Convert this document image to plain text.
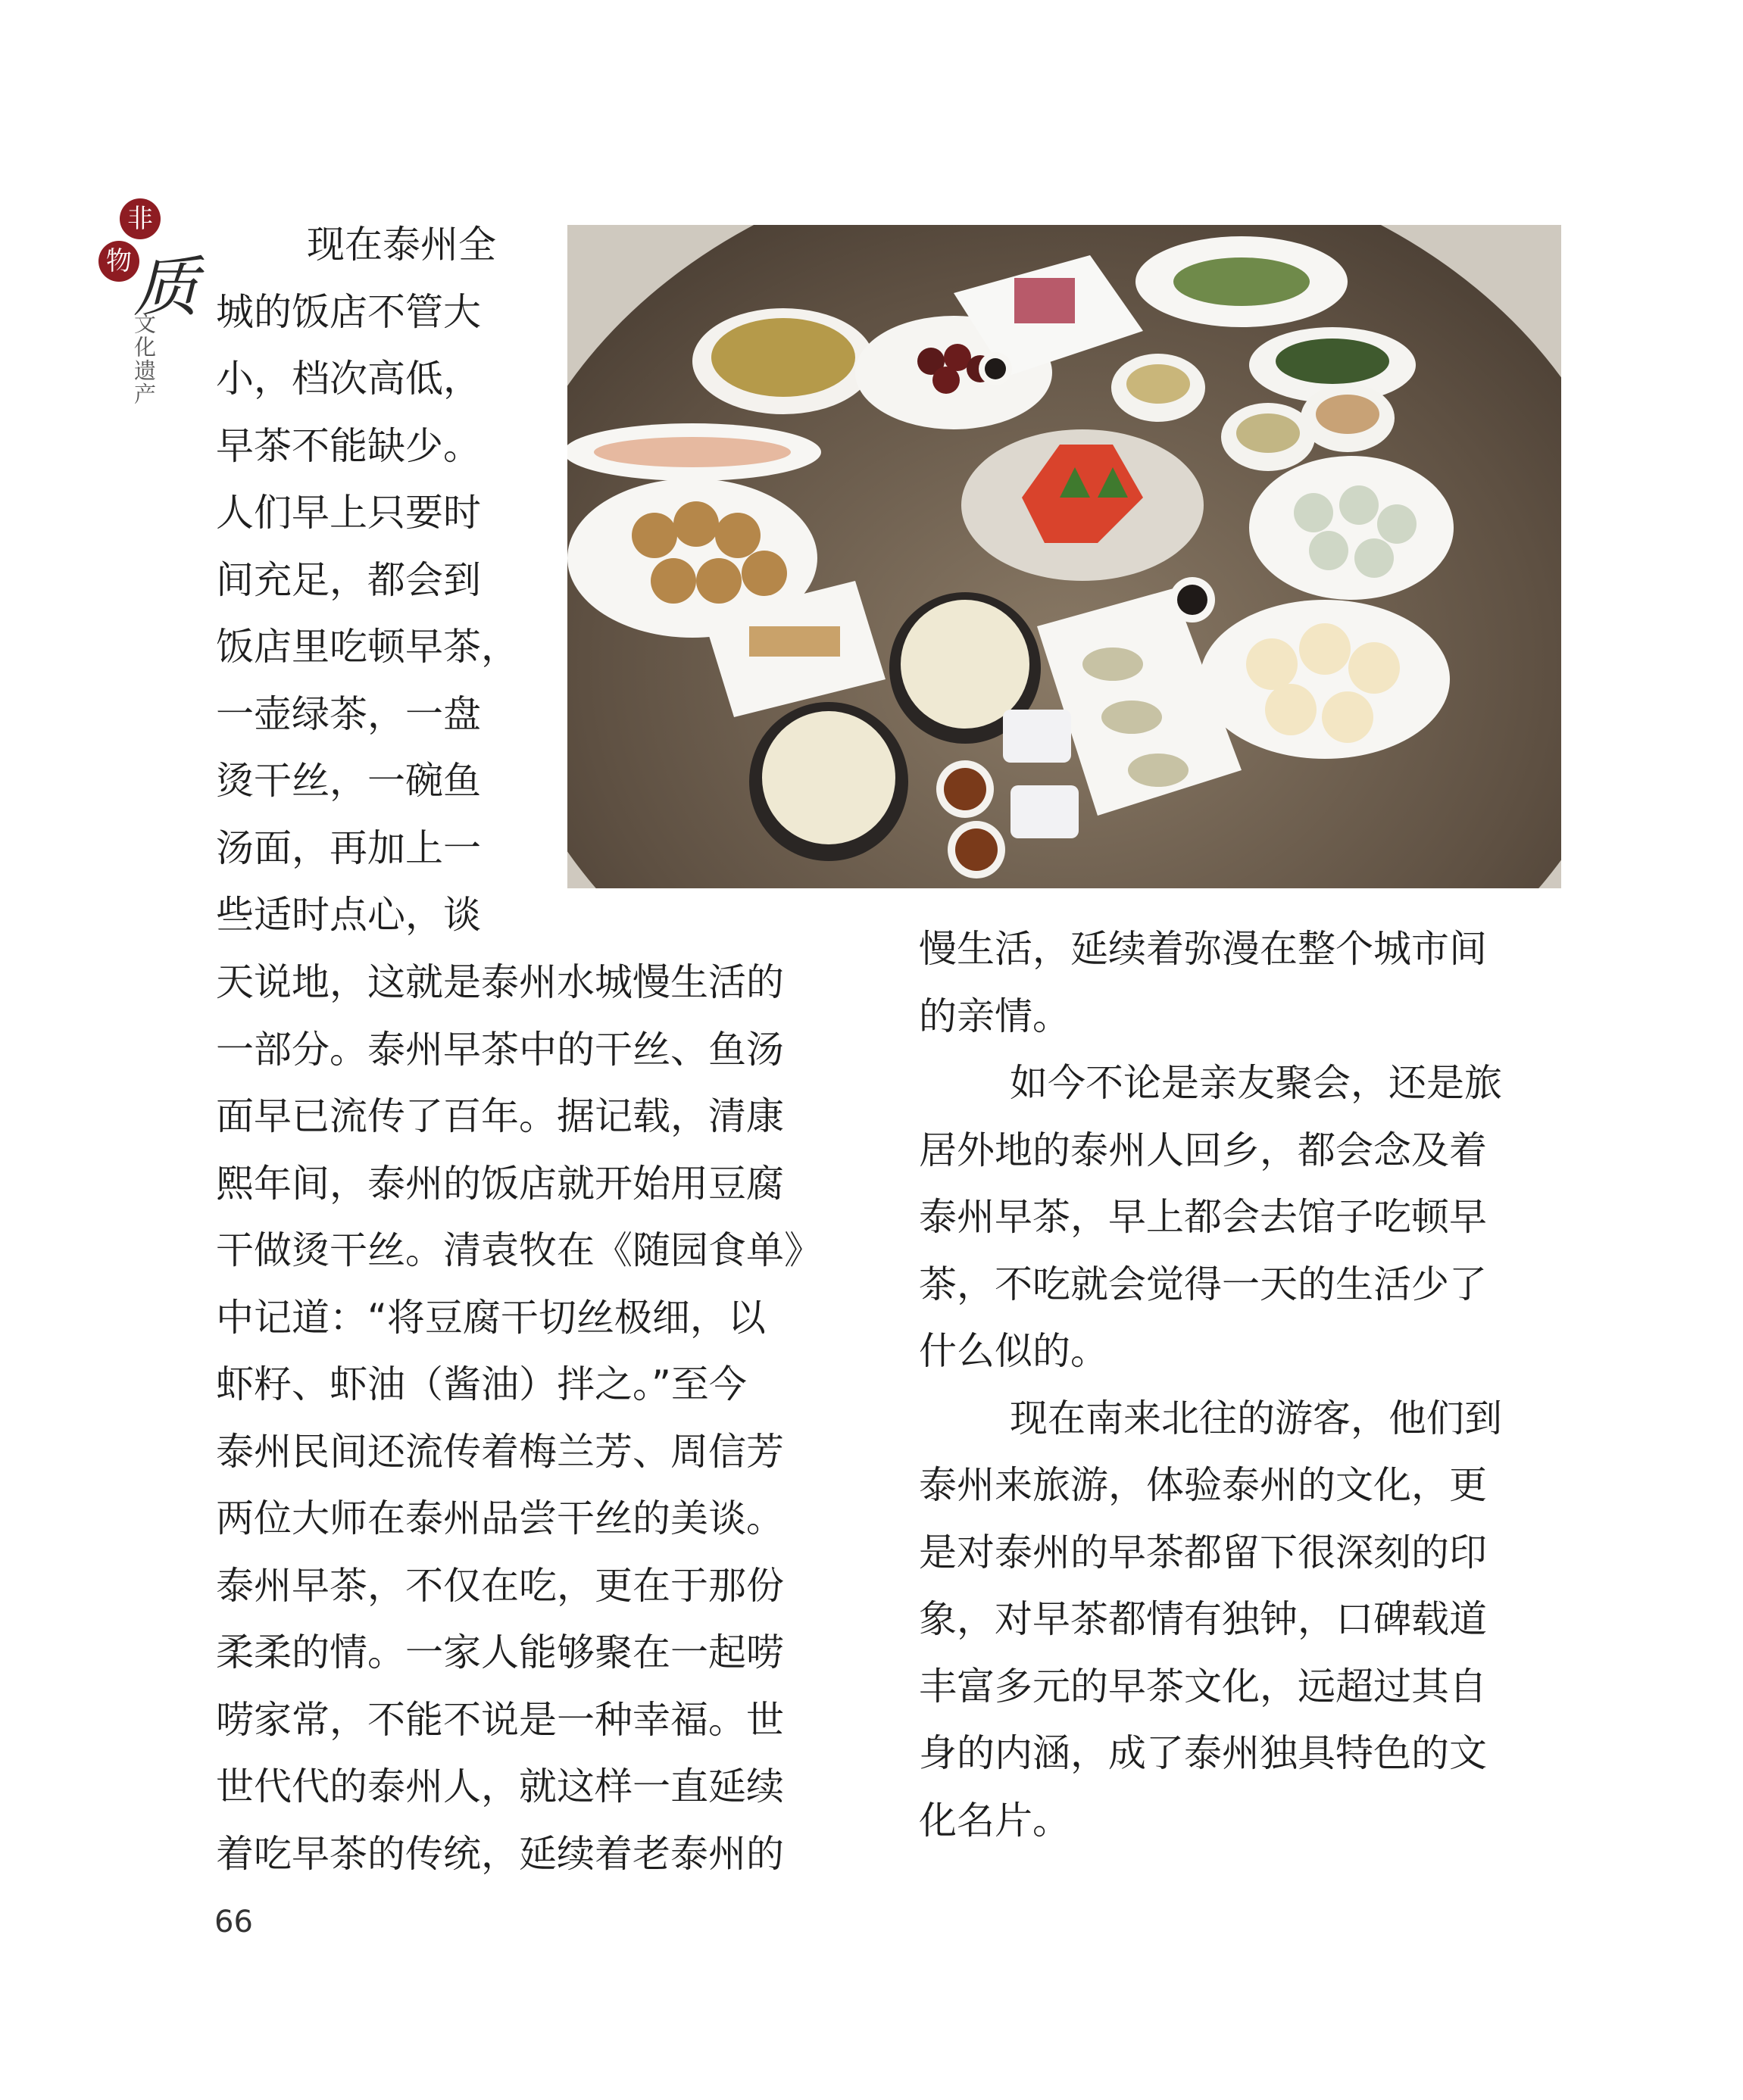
非
物 质
文化遗产
现在泰州全
城的饭店不管大
小，档次高低，
早茶不能缺少。
人们早上只要时
间充足，都会到
饭店里吃顿早茶，
一壶绿茶，一盘
烫干丝，一碗鱼
汤面，再加上一
些适时点心，谈
天说地，这就是泰州水城慢生活的
一部分。泰州早茶中的干丝、鱼汤
面早已流传了百年。据记载，清康
熙年间，泰州的饭店就开始用豆腐
干做烫干丝。清袁牧在《随园食单》
中记道：“将豆腐干切丝极细，以
虾籽、虾油（酱油）拌之。”至今
泰州民间还流传着梅兰芳、周信芳
两位大师在泰州品尝干丝的美谈。
泰州早茶，不仅在吃，更在于那份
柔柔的情。一家人能够聚在一起唠
唠家常，不能不说是一种幸福。世
世代代的泰州人，就这样一直延续
着吃早茶的传统，延续着老泰州的
慢生活，延续着弥漫在整个城市间
的亲情。
如今不论是亲友聚会，还是旅
居外地的泰州人回乡，都会念及着
泰州早茶，早上都会去馆子吃顿早
茶，不吃就会觉得一天的生活少了
什么似的。
现在南来北往的游客，他们到
泰州来旅游，体验泰州的文化，更
是对泰州的早茶都留下很深刻的印
象，对早茶都情有独钟，口碑载道
丰富多元的早茶文化，远超过其自
身的内涵，成了泰州独具特色的文
化名片。
66
